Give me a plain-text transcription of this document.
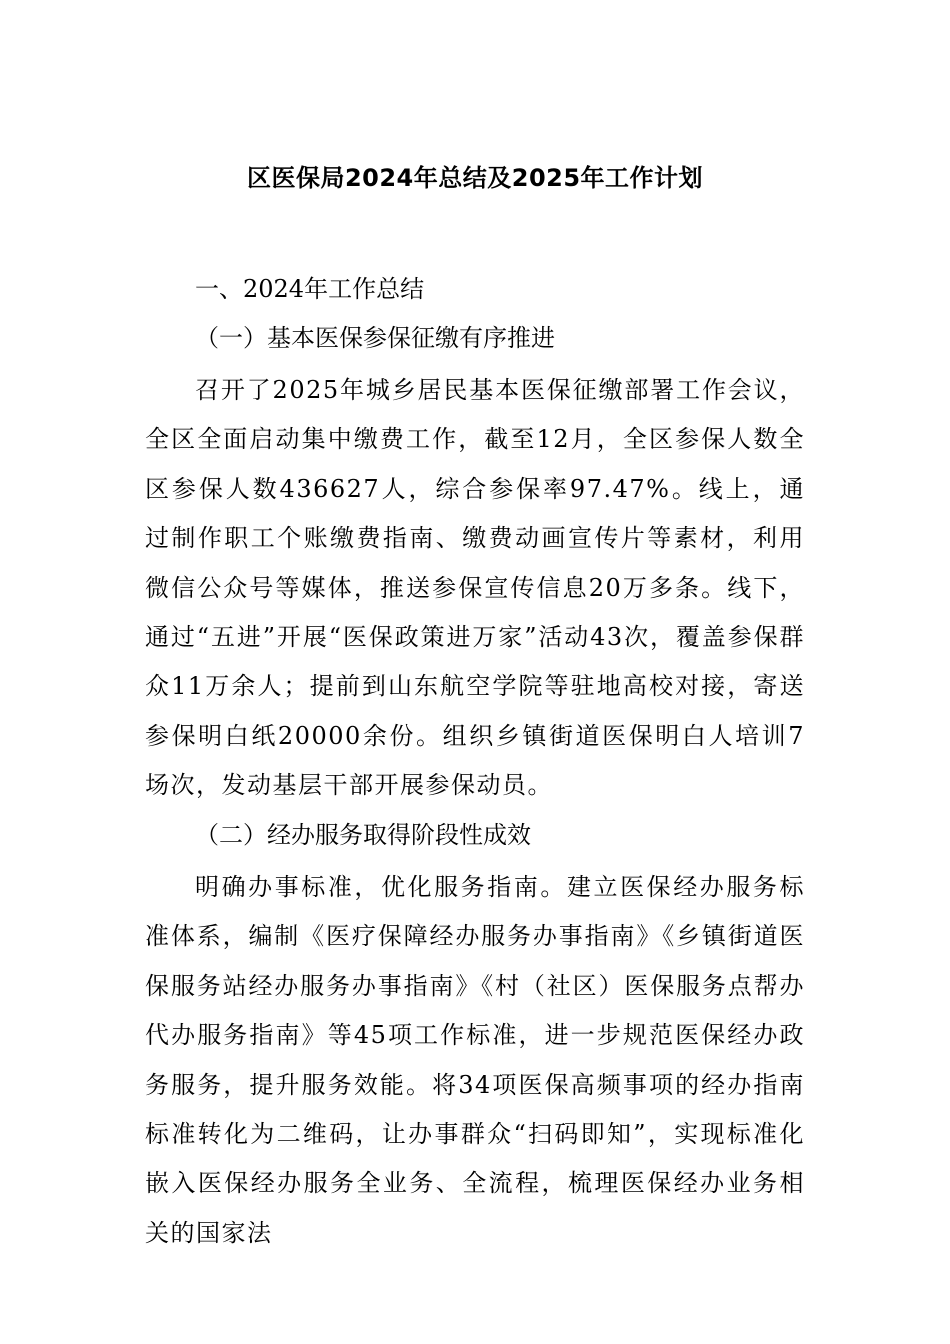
区医保局2024年总结及2025年工作计划
一、2024年工作总结
（一）基本医保参保征缴有序推进
召开了2025年城乡居民基本医保征缴部署工作会议，全区全面启动集中缴费工作，截至12月，全区参保人数全区参保人数436627人，综合参保率97.47%。线上，通过制作职工个账缴费指南、缴费动画宣传片等素材，利用微信公众号等媒体，推送参保宣传信息20万多条。线下，通过“五进”开展“医保政策进万家”活动43次，覆盖参保群众11万余人；提前到山东航空学院等驻地高校对接，寄送参保明白纸20000余份。组织乡镇街道医保明白人培训7场次，发动基层干部开展参保动员。
（二）经办服务取得阶段性成效
明确办事标准，优化服务指南。建立医保经办服务标准体系，编制《医疗保障经办服务办事指南》《乡镇街道医保服务站经办服务办事指南》《村（社区）医保服务点帮办代办服务指南》等45项工作标准，进一步规范医保经办政务服务，提升服务效能。将34项医保高频事项的经办指南标准转化为二维码，让办事群众“扫码即知”，实现标准化嵌入医保经办服务全业务、全流程，梳理医保经办业务相关的国家法
